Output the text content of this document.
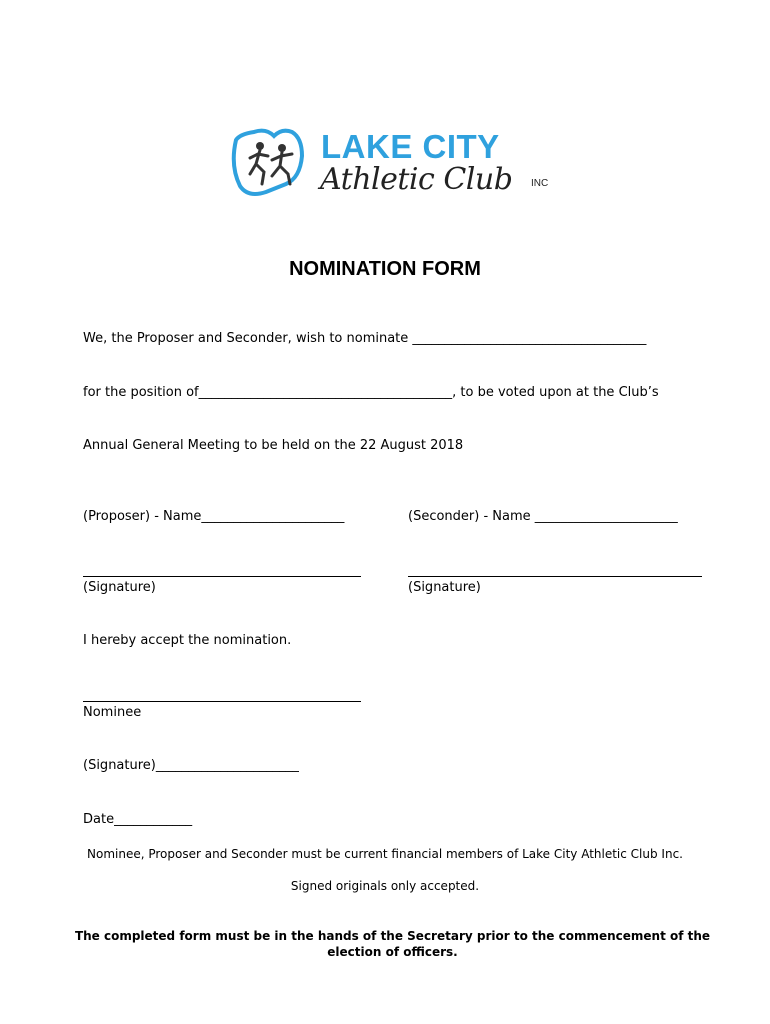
LAKE CITY
Athletic Club INC
NOMINATION FORM
We, the Proposer and Seconder, wish to nominate ____________________________________
for the position of_______________________________________, to be voted upon at the Club’s
Annual General Meeting to be held on the 22 August 2018
(Proposer) - Name______________________	(Seconder) - Name ______________________
(Signature)	(Signature)
I hereby accept the nomination.
Nominee
(Signature)______________________
Date____________
Nominee, Proposer and Seconder must be current financial members of Lake City Athletic Club Inc.
Signed originals only accepted.
The completed form must be in the hands of the Secretary prior to the commencement of the election of officers.
